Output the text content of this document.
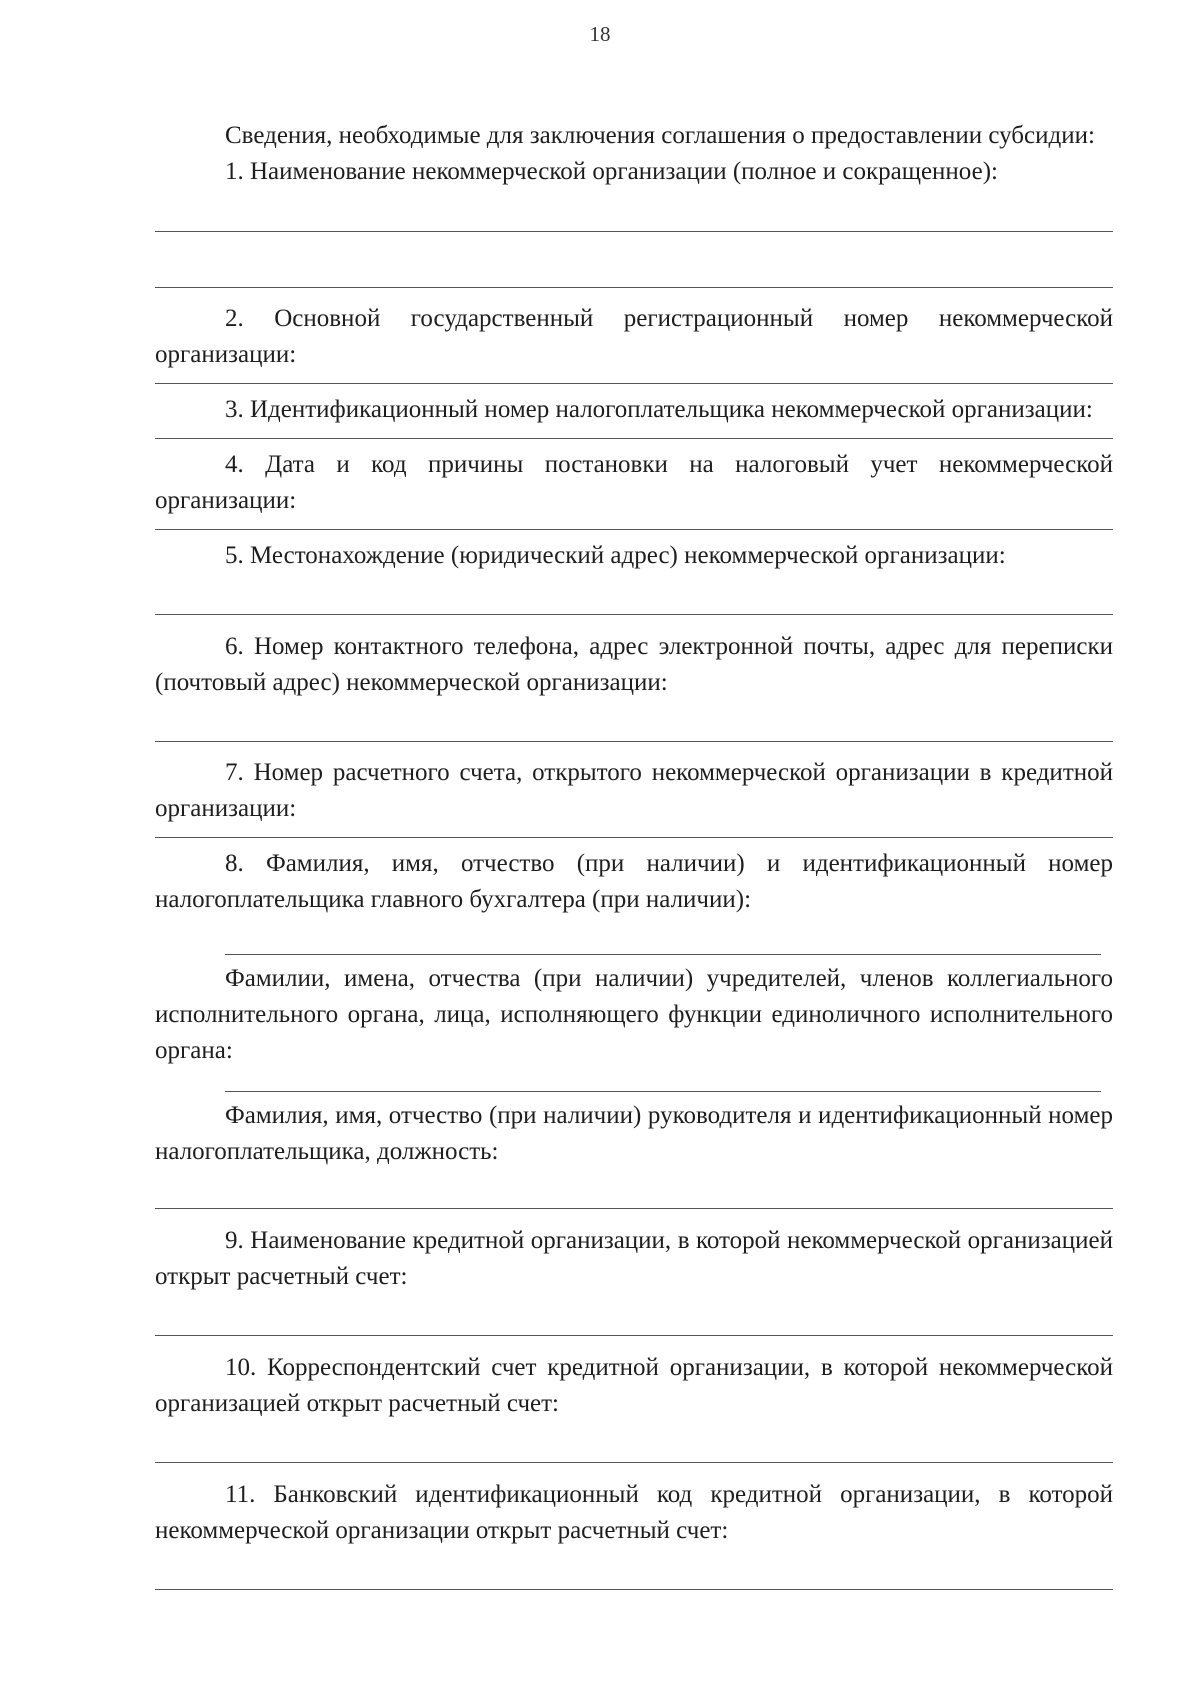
18

Сведения, необходимые для заключения соглашения о предоставлении субсидии:

1. Наименование некоммерческой организации (полное и сокращенное):

2. Основной государственный регистрационный номер некоммерческой организации:

3. Идентификационный номер налогоплательщика некоммерческой организации:

4. Дата и код причины постановки на налоговый учет некоммерческой организации:

5. Местонахождение (юридический адрес) некоммерческой организации:

6. Номер контактного телефона, адрес электронной почты, адрес для переписки (почтовый адрес) некоммерческой организации:

7. Номер расчетного счета, открытого некоммерческой организации в кредитной организации:

8. Фамилия, имя, отчество (при наличии) и идентификационный номер налогоплательщика главного бухгалтера (при наличии):

Фамилии, имена, отчества (при наличии) учредителей, членов коллегиального исполнительного органа, лица, исполняющего функции единоличного исполнительного органа:

Фамилия, имя, отчество (при наличии) руководителя и идентификационный номер налогоплательщика, должность:

9. Наименование кредитной организации, в которой некоммерческой организацией открыт расчетный счет:

10. Корреспондентский счет кредитной организации, в которой некоммерческой организацией открыт расчетный счет:

11. Банковский идентификационный код кредитной организации, в которой некоммерческой организации открыт расчетный счет:
